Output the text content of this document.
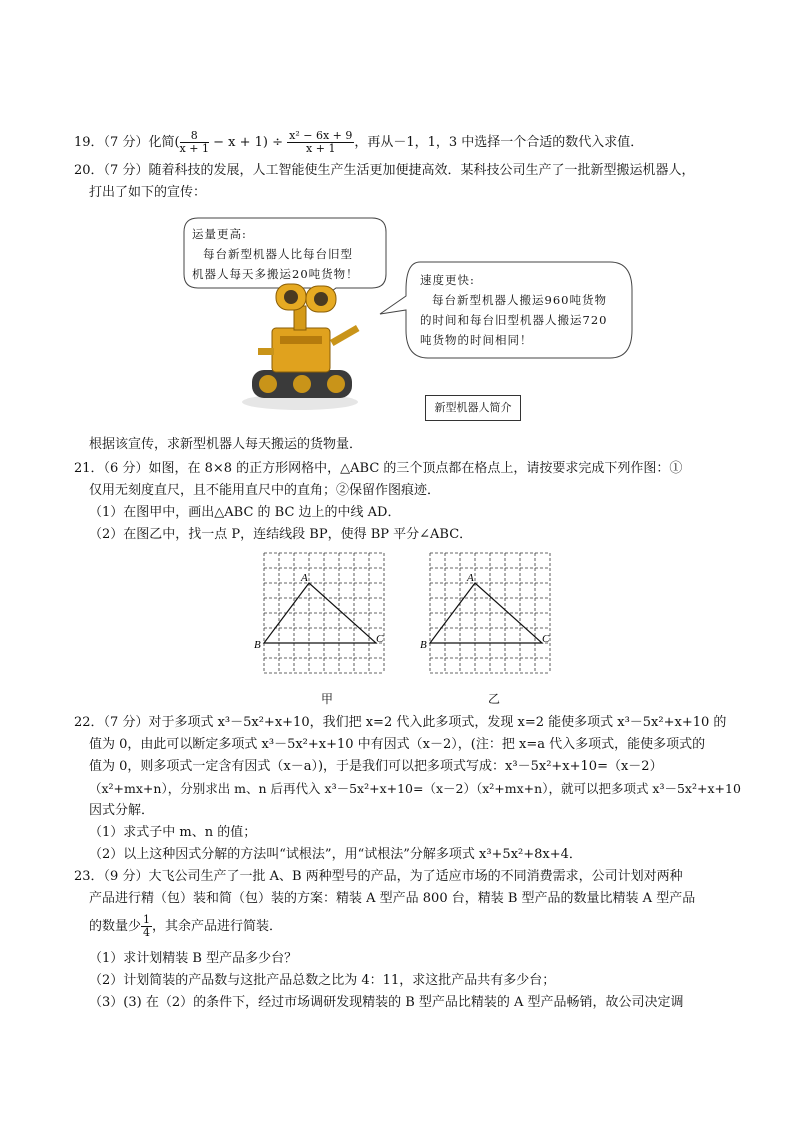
19．（7 分）化简( $\frac{8}{x + 1} - x + 1) \div \frac{\text{x² − 6x + 9}}{x + 1}$ ，再从－1，1，3 中选择一个合适的数代入求值．
20．（7 分）随着科技的发展，人工智能使生产生活更加便捷高效．某科技公司生产了一批新型搬运机器人，
打出了如下的宣传：
运量更高:
每台新型机器人比每台旧型
机器人每天多搬运20吨货物！	速度更快:
每台新型机器人搬运960吨货物
的时间和每台旧型机器人搬运720
吨货物的时间相同！
新型机器人简介
根据该宣传，求新型机器人每天搬运的货物量．
21．（6 分）如图，在 8×8 的正方形网格中，△ABC 的三个顶点都在格点上，请按要求完成下列作图：①
仅用无刻度直尺，且不能用直尺中的直角；②保留作图痕迹．
（1）在图甲中，画出△ABC 的 BC 边上的中线 AD．
（2）在图乙中，找一点 P，连结线段 BP，使得 BP 平分∠ABC．
A
B	C
甲
A
B	C
乙
22．（7 分）对于多项式 x³－5x²+x+10，我们把 x=2 代入此多项式，发现 x=2 能使多项式 x³－5x²+x+10 的
值为 0，由此可以断定多项式 x³－5x²+x+10 中有因式（x－2），(注：把 x=a 代入多项式，能使多项式的
值为 0，则多项式一定含有因式（x－a）)，于是我们可以把多项式写成：x³－5x²+x+10=（x－2）
（x²+mx+n），分别求出 m、n 后再代入 x³－5x²+x+10=（x－2）（x²+mx+n），就可以把多项式 x³－5x²+x+10
因式分解．
（1）求式子中 m、n 的值；
（2）以上这种因式分解的方法叫“试根法”，用“试根法”分解多项式 x³+5x²+8x+4．
23．（9 分）大飞公司生产了一批 A、B 两种型号的产品，为了适应市场的不同消费需求，公司计划对两种
产品进行精（包）装和简（包）装的方案：精装 A 型产品 800 台，精装 B 型产品的数量比精装 A 型产品
的数量少 $\frac{1}{4}$ ，其余产品进行简装．
（1）求计划精装 B 型产品多少台？
（2）计划简装的产品数与这批产品总数之比为 4：11，求这批产品共有多少台；
（3）(3) 在（2）的条件下，经过市场调研发现精装的 B 型产品比精装的 A 型产品畅销，故公司决定调
